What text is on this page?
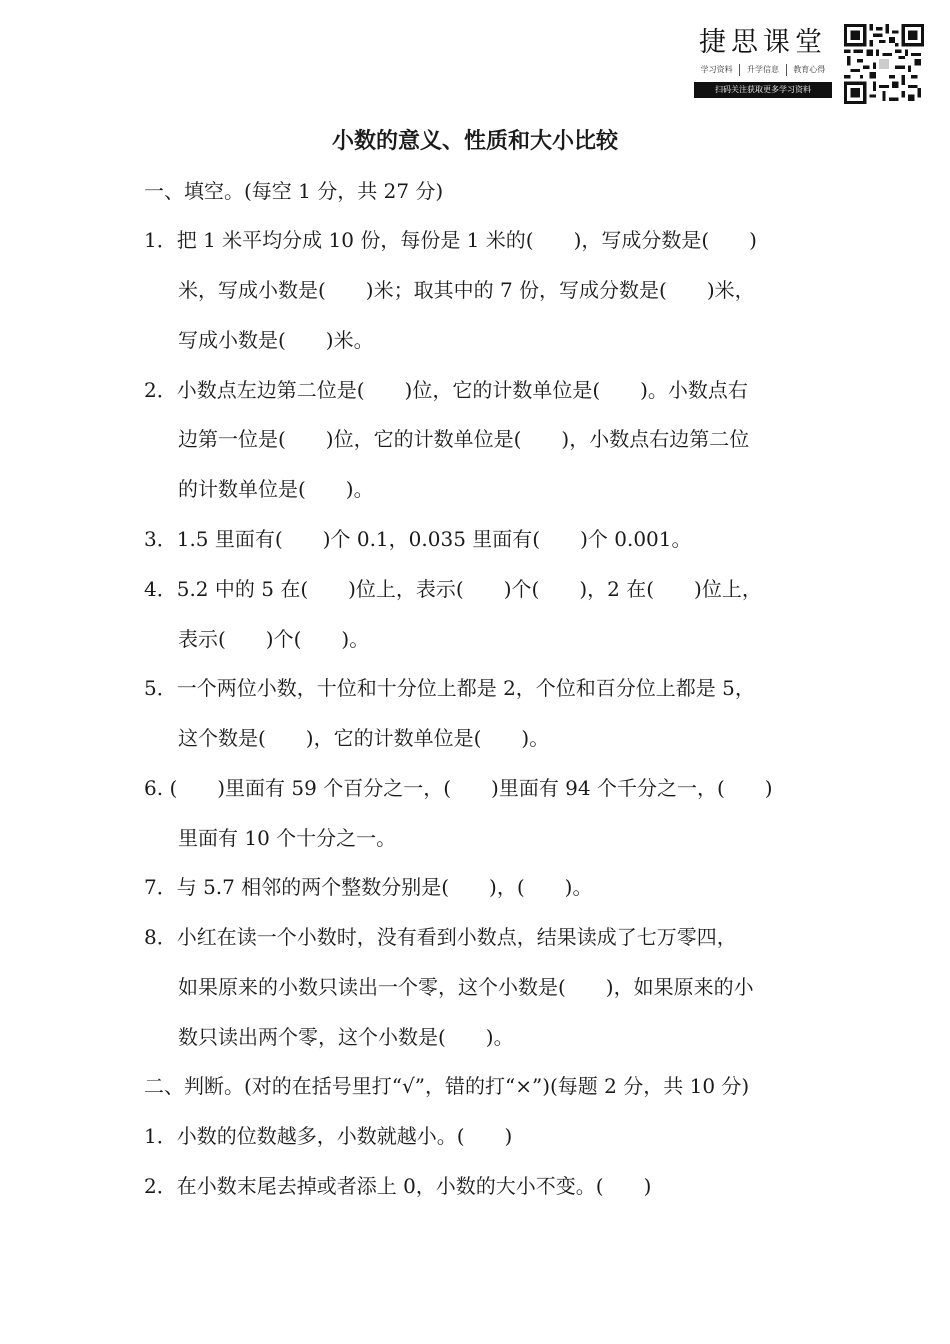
捷思课堂
学习资料	升学信息	教育心得
扫码关注获取更多学习资料
小数的意义、性质和大小比较
一、填空。(每空 1 分，共 27 分)
1．把 1 米平均分成 10 份，每份是 1 米的(　　)，写成分数是(　　)
米，写成小数是(　　)米；取其中的 7 份，写成分数是(　　)米，
写成小数是(　　)米。
2．小数点左边第二位是(　　)位，它的计数单位是(　　)。小数点右
边第一位是(　　)位，它的计数单位是(　　)，小数点右边第二位
的计数单位是(　　)。
3．1.5 里面有(　　)个 0.1，0.035 里面有(　　)个 0.001。
4．5.2 中的 5 在(　　)位上，表示(　　)个(　　)，2 在(　　)位上，
表示(　　)个(　　)。
5．一个两位小数，十位和十分位上都是 2，个位和百分位上都是 5，
这个数是(　　)，它的计数单位是(　　)。
6. (　　)里面有 59 个百分之一，(　　)里面有 94 个千分之一，(　　)
里面有 10 个十分之一。
7．与 5.7 相邻的两个整数分别是(　　)，(　　)。
8．小红在读一个小数时，没有看到小数点，结果读成了七万零四，
如果原来的小数只读出一个零，这个小数是(　　)，如果原来的小
数只读出两个零，这个小数是(　　)。
二、判断。(对的在括号里打“√”，错的打“×”)(每题 2 分，共 10 分)
1．小数的位数越多，小数就越小。(　　)
2．在小数末尾去掉或者添上 0，小数的大小不变。(　　)
